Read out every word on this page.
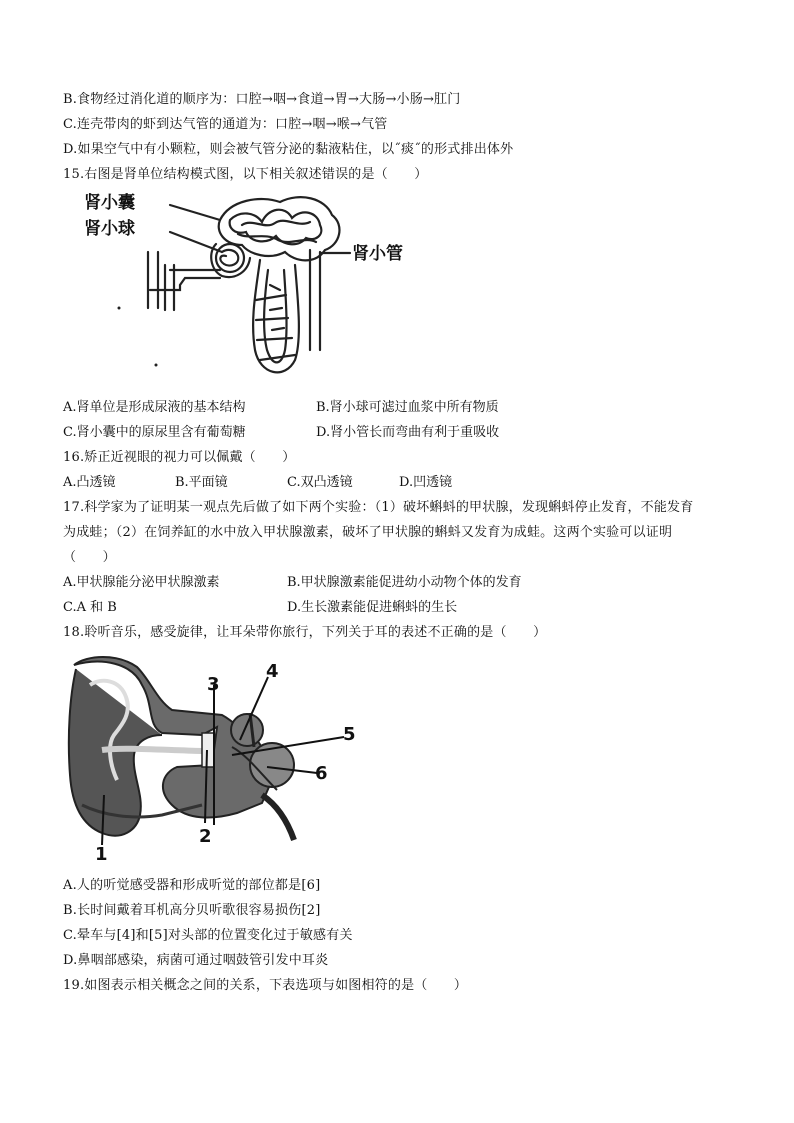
B.食物经过消化道的顺序为：口腔→咽→食道→胃→大肠→小肠→肛门
C.连壳带肉的虾到达气管的通道为：口腔→咽→喉→气管
D.如果空气中有小颗粒，则会被气管分泌的黏液粘住，以˝痰˝的形式排出体外
15.右图是肾单位结构模式图，以下相关叙述错误的是（　　）
肾小囊
肾小球
肾小管
A.肾单位是形成尿液的基本结构	B.肾小球可滤过血浆中所有物质
C.肾小囊中的原尿里含有葡萄糖	D.肾小管长而弯曲有利于重吸收
16.矫正近视眼的视力可以佩戴（　　）
A.凸透镜	B.平面镜	C.双凸透镜	D.凹透镜
17.科学家为了证明某一观点先后做了如下两个实验：（1）破坏蝌蚪的甲状腺，发现蝌蚪停止发育，不能发育
为成蛙；（2）在饲养缸的水中放入甲状腺激素，破坏了甲状腺的蝌蚪又发育为成蛙。这两个实验可以证明
（　　）
A.甲状腺能分泌甲状腺激素	B.甲状腺激素能促进幼小动物个体的发育
C.A 和 B	D.生长激素能促进蝌蚪的生长
18.聆听音乐，感受旋律，让耳朵带你旅行，下列关于耳的表述不正确的是（　　）
1
2
3
4
5
6
A.人的听觉感受器和形成听觉的部位都是[6]
B.长时间戴着耳机高分贝听歌很容易损伤[2]
C.晕车与[4]和[5]对头部的位置变化过于敏感有关
D.鼻咽部感染，病菌可通过咽鼓管引发中耳炎
19.如图表示相关概念之间的关系，下表选项与如图相符的是（　　）
